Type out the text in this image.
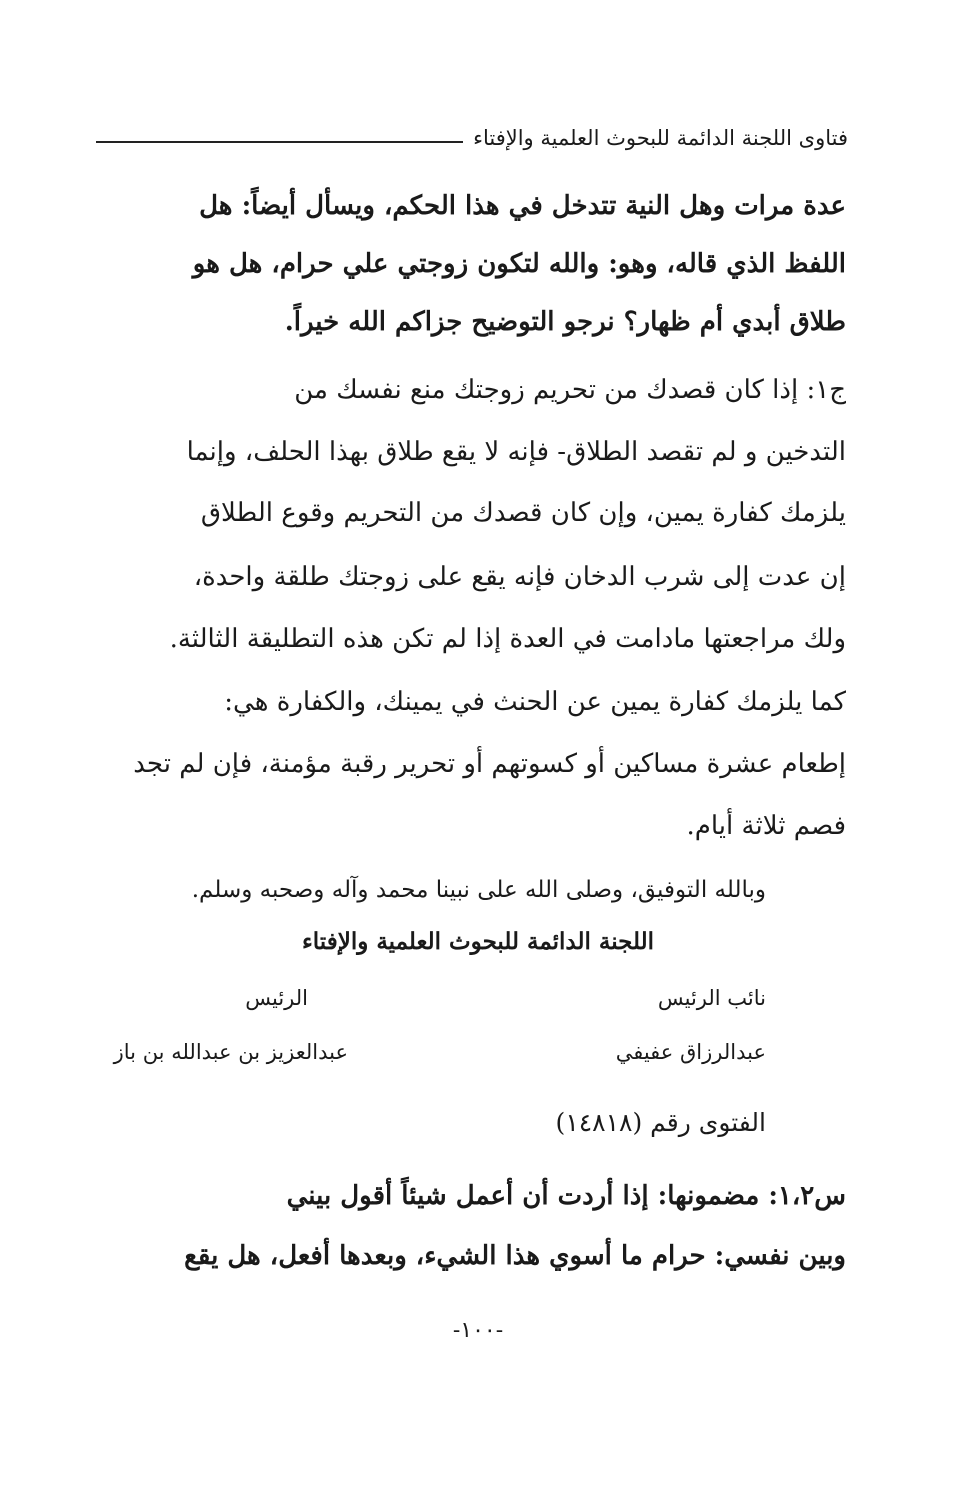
فتاوى اللجنة الدائمة للبحوث العلمية والإفتاء
عدة مرات وهل النية تتدخل في هذا الحكم، ويسأل أيضاً: هل
اللفظ الذي قاله، وهو: والله لتكون زوجتي علي حرام، هل هو
طلاق أبدي أم ظهار؟ نرجو التوضيح جزاكم الله خيراً.
ج١: إذا كان قصدك من تحريم زوجتك منع نفسك من
التدخين و لم تقصد الطلاق- فإنه لا يقع طلاق بهذا الحلف، وإنما
يلزمك كفارة يمين، وإن كان قصدك من التحريم وقوع الطلاق
إن عدت إلى شرب الدخان فإنه يقع على زوجتك طلقة واحدة،
ولك مراجعتها مادامت في العدة إذا لم تكن هذه التطليقة الثالثة.
كما يلزمك كفارة يمين عن الحنث في يمينك، والكفارة هي:
إطعام عشرة مساكين أو كسوتهم أو تحرير رقبة مؤمنة، فإن لم تجد
فصم ثلاثة أيام.
وبالله التوفيق، وصلى الله على نبينا محمد وآله وصحبه وسلم.
اللجنة الدائمة للبحوث العلمية والإفتاء
نائب الرئيس
الرئيس
عبدالرزاق عفيفي
عبدالعزيز بن عبدالله بن باز
الفتوى رقم (١٤٨١٨)
س١،٢: مضمونها: إذا أردت أن أعمل شيئاً أقول بيني
وبين نفسي: حرام ما أسوي هذا الشيء، وبعدها أفعل، هل يقع
-١٠٠-
